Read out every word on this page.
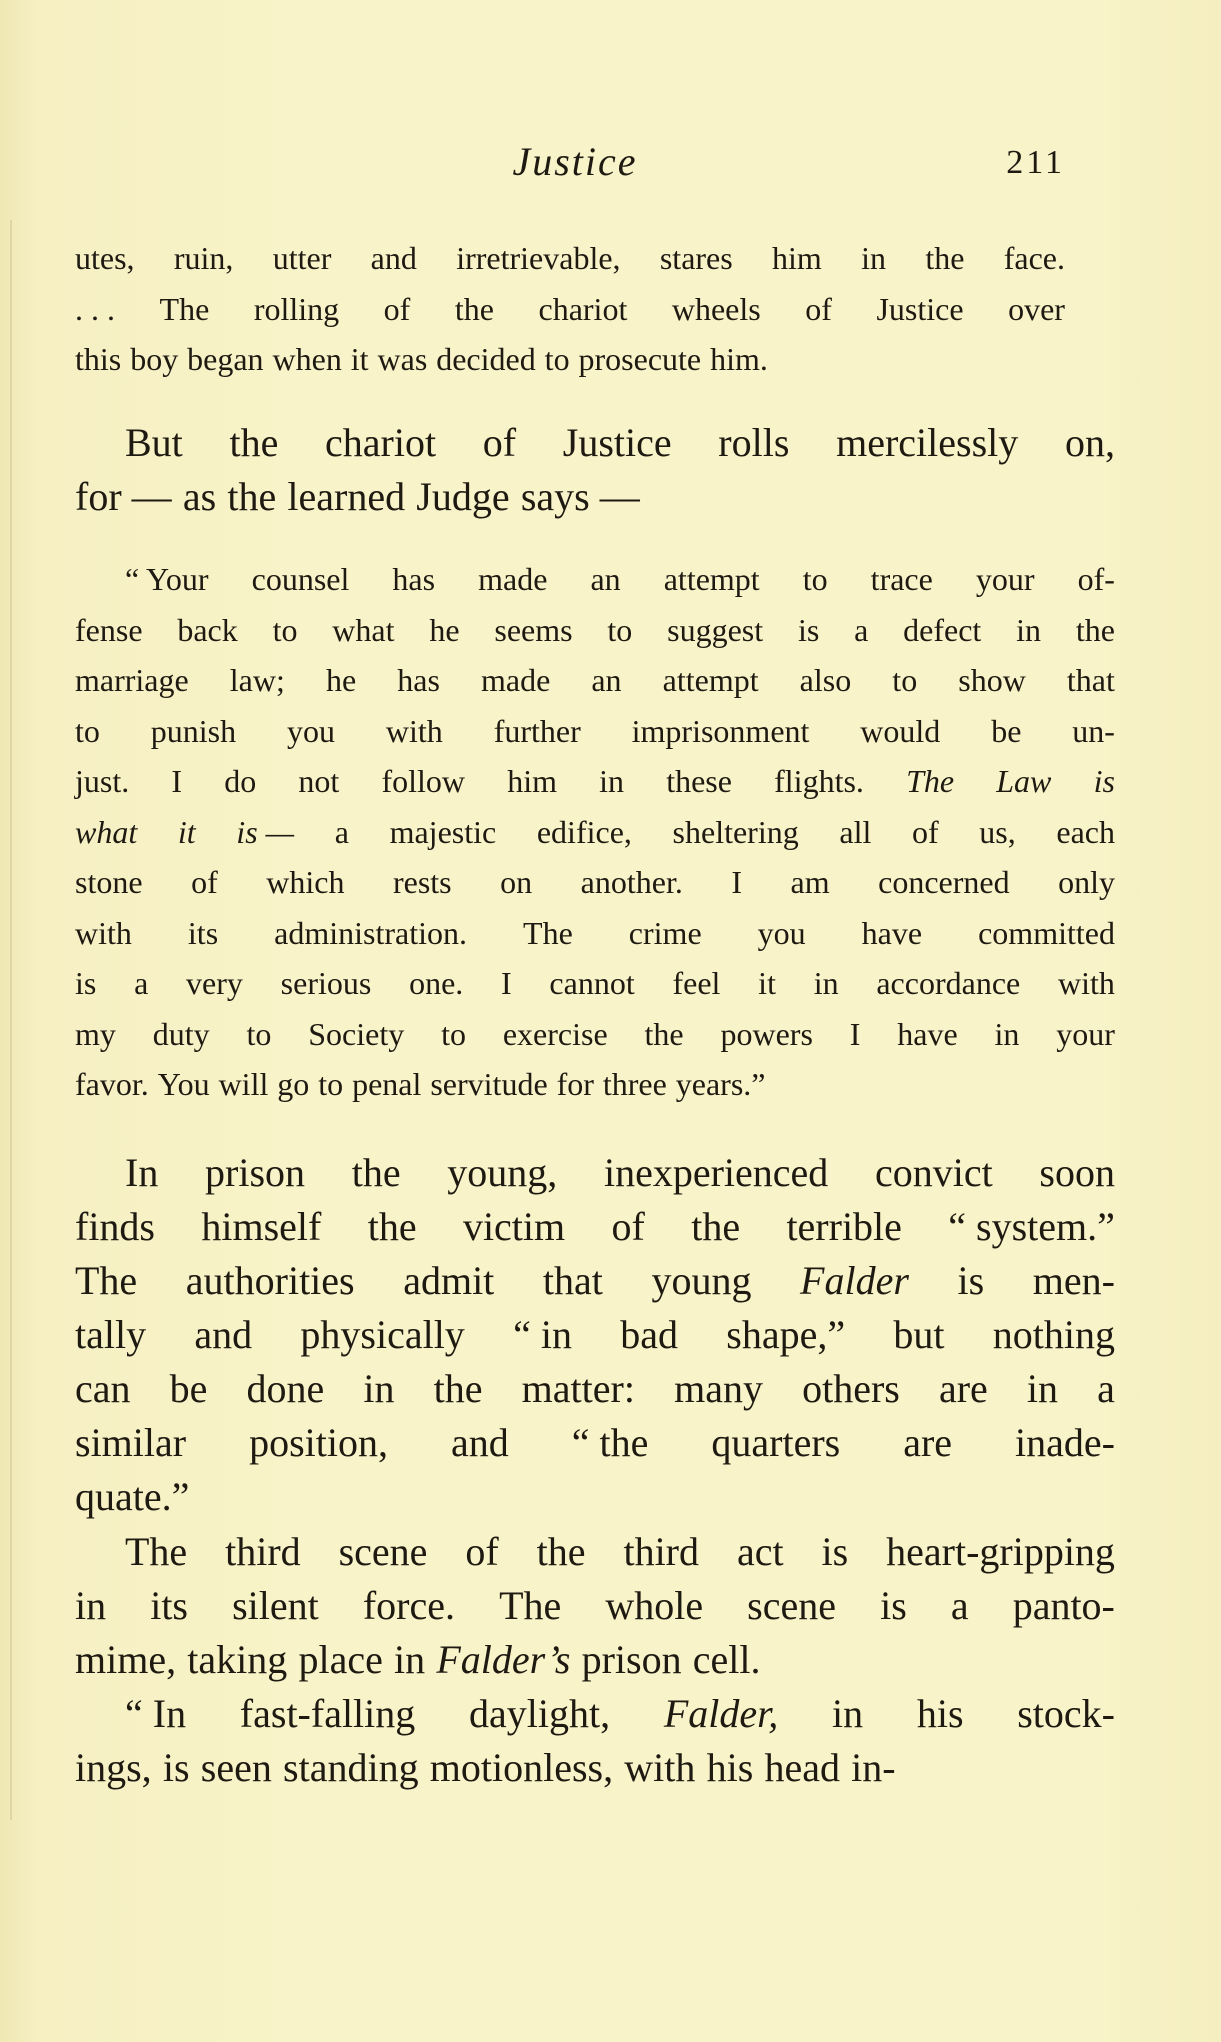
Justice	211
utes, ruin, utter and irretrievable, stares him in the face.
. . . The rolling of the chariot wheels of Justice over
this boy began when it was decided to prosecute him.
But the chariot of Justice rolls mercilessly on,
for — as the learned Judge says —
“ Your counsel has made an attempt to trace your of-
fense back to what he seems to suggest is a defect in the
marriage law; he has made an attempt also to show that
to punish you with further imprisonment would be un-
just. I do not follow him in these flights. The Law is
what it is — a majestic edifice, sheltering all of us, each
stone of which rests on another. I am concerned only
with its administration. The crime you have committed
is a very serious one. I cannot feel it in accordance with
my duty to Society to exercise the powers I have in your
favor. You will go to penal servitude for three years.”
In prison the young, inexperienced convict soon
finds himself the victim of the terrible “ system.”
The authorities admit that young Falder is men-
tally and physically “ in bad shape,” but nothing
can be done in the matter: many others are in a
similar position, and “ the quarters are inade-
quate.”
The third scene of the third act is heart-gripping
in its silent force. The whole scene is a panto-
mime, taking place in Falder’s prison cell.
“ In fast-falling daylight, Falder, in his stock-
ings, is seen standing motionless, with his head in-
